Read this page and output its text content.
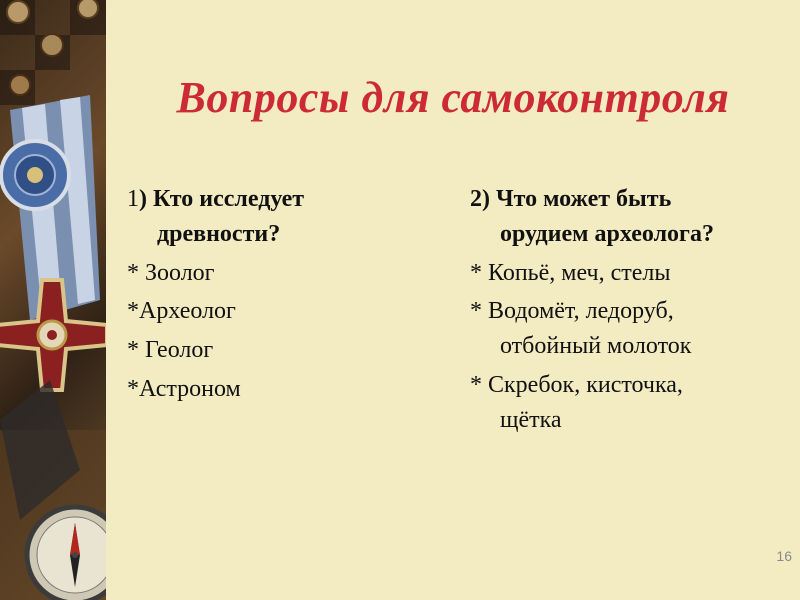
Вопросы для самоконтроля
1) Кто исследует
древности?
* Зоолог
*Археолог
* Геолог
*Астроном
2) Что может быть
орудием археолога?
* Копьё, меч, стелы
* Водомёт, ледоруб,
отбойный молоток
* Скребок, кисточка,
щётка
16
